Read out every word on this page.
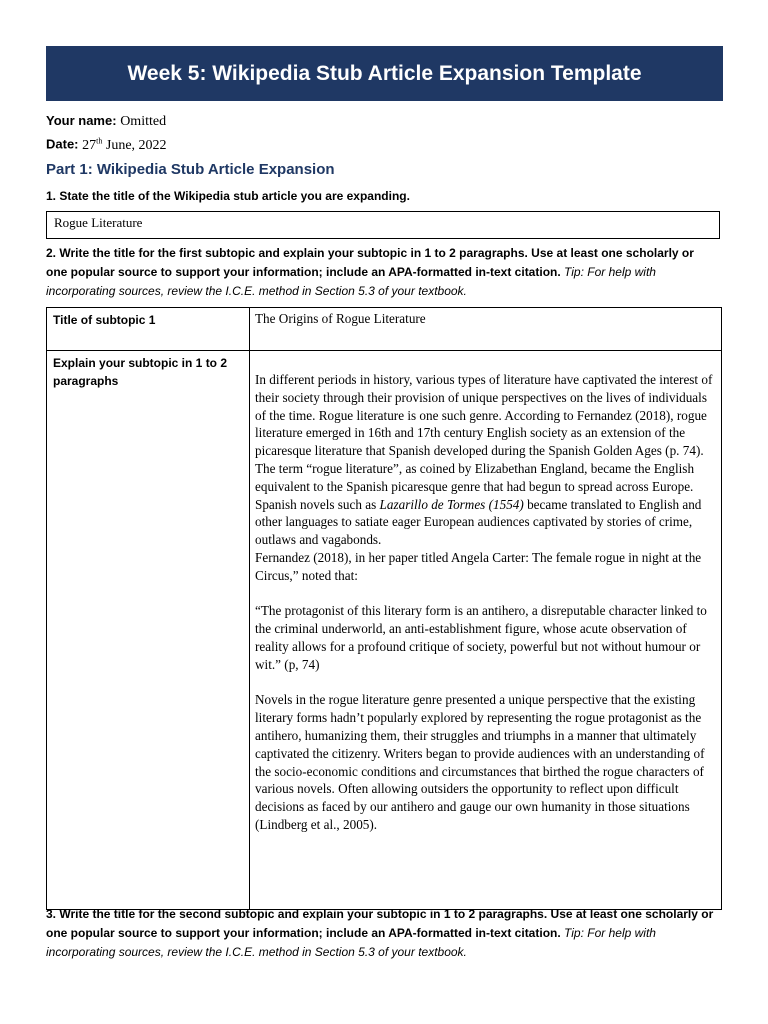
Week 5: Wikipedia Stub Article Expansion Template
Your name: Omitted
Date: 27th June, 2022
Part 1: Wikipedia Stub Article Expansion
1. State the title of the Wikipedia stub article you are expanding.
Rogue Literature
2. Write the title for the first subtopic and explain your subtopic in 1 to 2 paragraphs. Use at least one scholarly or one popular source to support your information; include an APA-formatted in-text citation. Tip: For help with incorporating sources, review the I.C.E. method in Section 5.3 of your textbook.
Title of subtopic 1	The Origins of Rogue Literature
Explain your subtopic in 1 to 2 paragraphs	In different periods in history, various types of literature have captivated the interest of their society through their provision of unique perspectives on the lives of individuals of the time. Rogue literature is one such genre. According to Fernandez (2018), rogue literature emerged in 16th and 17th century English society as an extension of the picaresque literature that Spanish developed during the Spanish Golden Ages (p. 74). The term “rogue literature”, as coined by Elizabethan England, became the English equivalent to the Spanish picaresque genre that had begun to spread across Europe. Spanish novels such as Lazarillo de Tormes (1554) became translated to English and other languages to satiate eager European audiences captivated by stories of crime, outlaws and vagabonds.

Fernandez (2018), in her paper titled Angela Carter: The female rogue in night at the Circus,” noted that:

“The protagonist of this literary form is an antihero, a disreputable character linked to the criminal underworld, an anti-establishment figure, whose acute observation of reality allows for a profound critique of society, powerful but not without humour or wit.” (p, 74)

Novels in the rogue literature genre presented a unique perspective that the existing literary forms hadn’t popularly explored by representing the rogue protagonist as the antihero, humanizing them, their struggles and triumphs in a manner that ultimately captivated the citizenry. Writers began to provide audiences with an understanding of the socio-economic conditions and circumstances that birthed the rogue characters of various novels. Often allowing outsiders the opportunity to reflect upon difficult decisions as faced by our antihero and gauge our own humanity in those situations (Lindberg et al., 2005).

3. Write the title for the second subtopic and explain your subtopic in 1 to 2 paragraphs. Use at least one scholarly or one popular source to support your information; include an APA-formatted in-text citation. Tip: For help with incorporating sources, review the I.C.E. method in Section 5.3 of your textbook.
